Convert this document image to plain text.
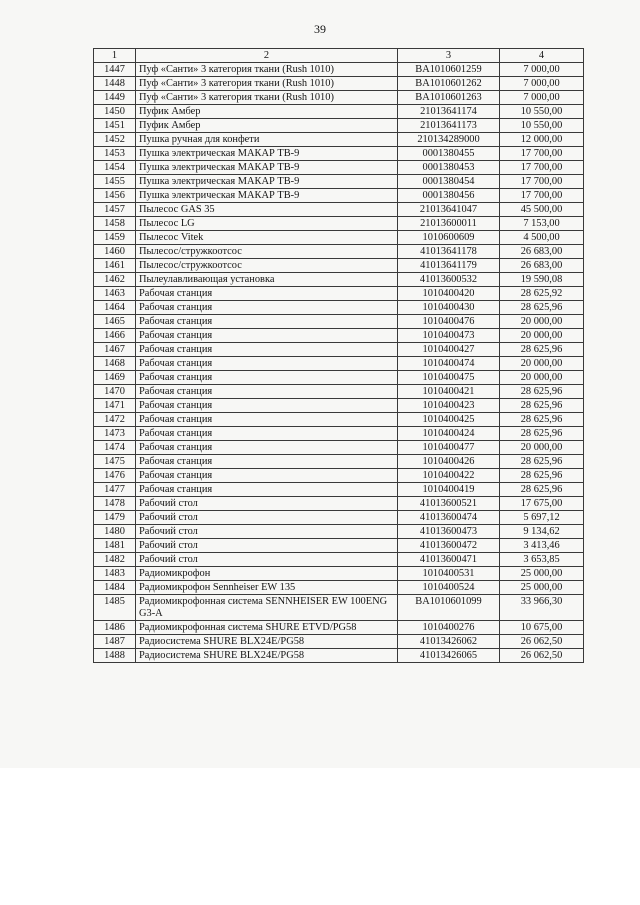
39
1	2	3	4
1447	Пуф «Санти» 3 категория ткани (Rush 1010)	BA1010601259	7 000,00
1448	Пуф «Санти» 3 категория ткани (Rush 1010)	BA1010601262	7 000,00
1449	Пуф «Санти» 3 категория ткани (Rush 1010)	BA1010601263	7 000,00
1450	Пуфик Амбер	21013641174	10 550,00
1451	Пуфик Амбер	21013641173	10 550,00
1452	Пушка ручная для конфети	210134289000	12 000,00
1453	Пушка электрическая МАКАР ТВ-9	0001380455	17 700,00
1454	Пушка электрическая МАКАР ТВ-9	0001380453	17 700,00
1455	Пушка электрическая МАКАР ТВ-9	0001380454	17 700,00
1456	Пушка электрическая МАКАР ТВ-9	0001380456	17 700,00
1457	Пылесос GAS 35	21013641047	45 500,00
1458	Пылесос LG	21013600011	7 153,00
1459	Пылесос Vitek	1010600609	4 500,00
1460	Пылесос/стружкоотсос	41013641178	26 683,00
1461	Пылесос/стружкоотсос	41013641179	26 683,00
1462	Пылеулавливающая установка	41013600532	19 590,08
1463	Рабочая станция	1010400420	28 625,92
1464	Рабочая станция	1010400430	28 625,96
1465	Рабочая станция	1010400476	20 000,00
1466	Рабочая станция	1010400473	20 000,00
1467	Рабочая станция	1010400427	28 625,96
1468	Рабочая станция	1010400474	20 000,00
1469	Рабочая станция	1010400475	20 000,00
1470	Рабочая станция	1010400421	28 625,96
1471	Рабочая станция	1010400423	28 625,96
1472	Рабочая станция	1010400425	28 625,96
1473	Рабочая станция	1010400424	28 625,96
1474	Рабочая станция	1010400477	20 000,00
1475	Рабочая станция	1010400426	28 625,96
1476	Рабочая станция	1010400422	28 625,96
1477	Рабочая станция	1010400419	28 625,96
1478	Рабочий стол	41013600521	17 675,00
1479	Рабочий стол	41013600474	5 697,12
1480	Рабочий стол	41013600473	9 134,62
1481	Рабочий стол	41013600472	3 413,46
1482	Рабочий стол	41013600471	3 653,85
1483	Радиомикрофон	1010400531	25 000,00
1484	Радиомикрофон Sennheiser EW 135	1010400524	25 000,00
1485	Радиомикрофонная система SENNHEISER EW 100ENG G3-A	BA1010601099	33 966,30
1486	Радиомикрофонная система SHURE ETVD/PG58	1010400276	10 675,00
1487	Радиосистема SHURE BLX24E/PG58	41013426062	26 062,50
1488	Радиосистема SHURE BLX24E/PG58	41013426065	26 062,50
